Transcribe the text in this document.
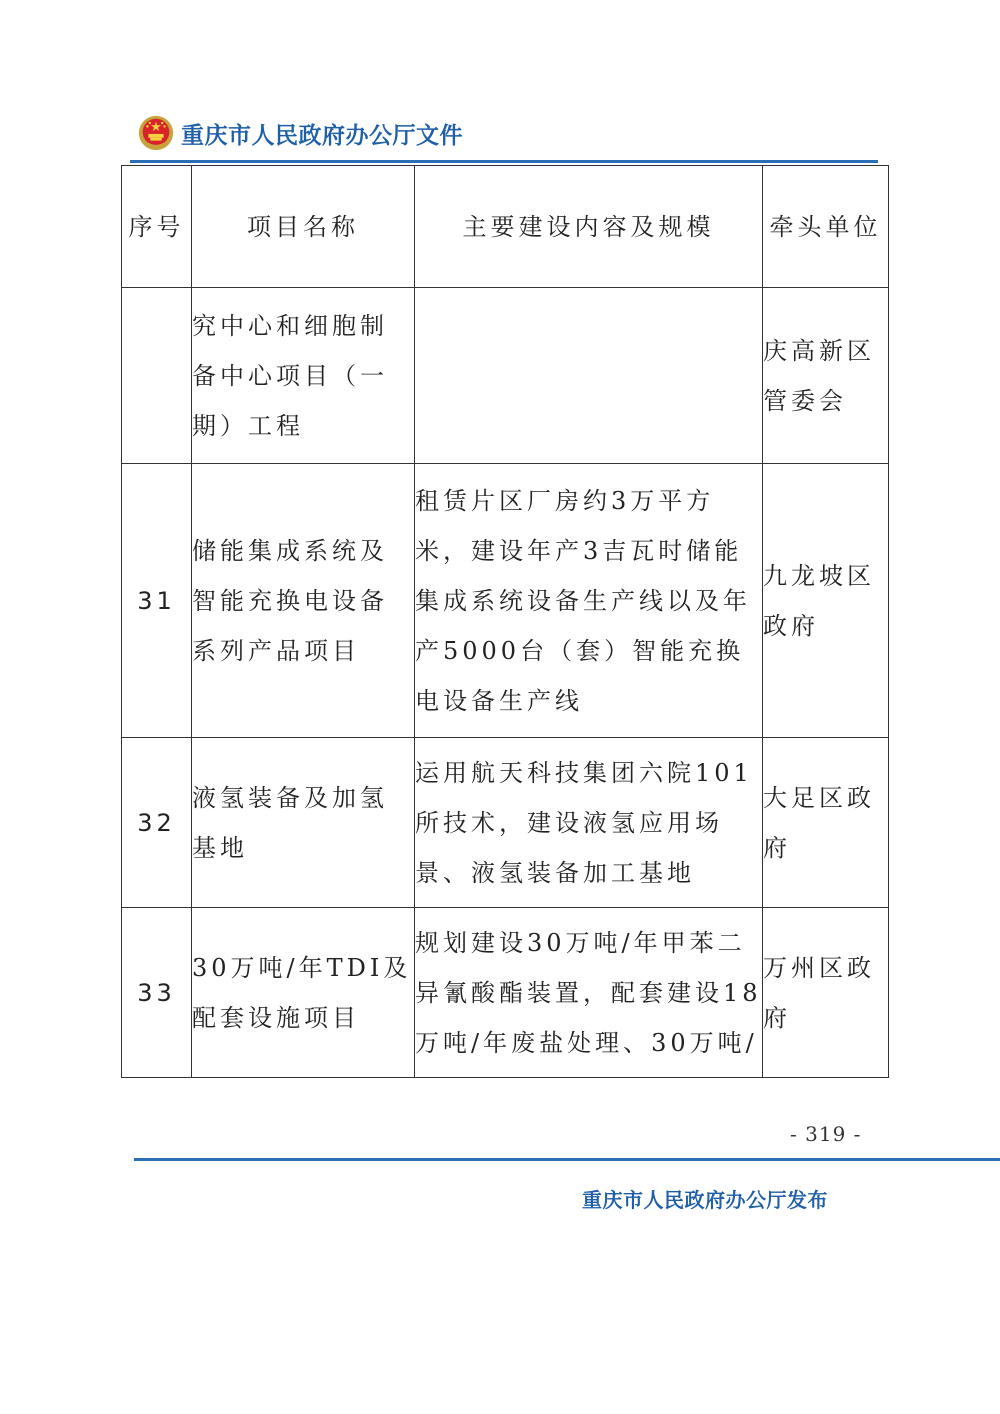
重庆市人民政府办公厅文件
序号	项目名称	主要建设内容及规模	牵头单位
	究中心和细胞制备中心项目（一期）工程		庆高新区管委会
31	储能集成系统及智能充换电设备系列产品项目	租赁片区厂房约3万平方米，建设年产3吉瓦时储能集成系统设备生产线以及年产5000台（套）智能充换电设备生产线	九龙坡区政府
32	液氢装备及加氢基地	运用航天科技集团六院101所技术，建设液氢应用场景、液氢装备加工基地	大足区政府
33	30万吨/年TDI及配套设施项目	规划建设30万吨/年甲苯二异氰酸酯装置，配套建设18万吨/年废盐处理、30万吨/	万州区政府
- 319 -
重庆市人民政府办公厅发布
